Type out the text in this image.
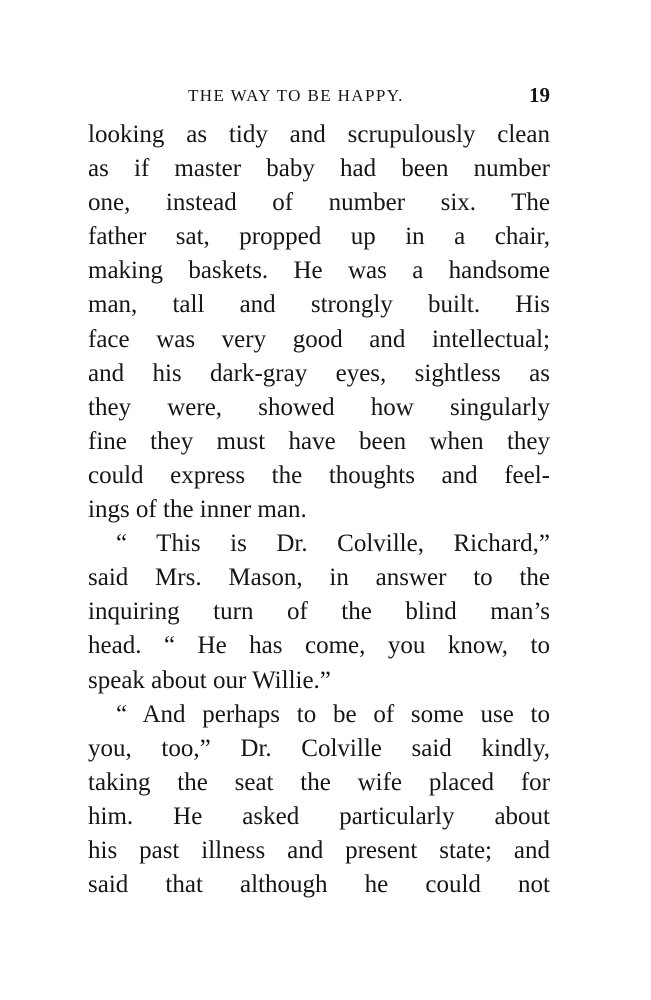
THE WAY TO BE HAPPY.	19
looking as tidy and scrupulously clean
as if master baby had been number
one, instead of number six. The
father sat, propped up in a chair,
making baskets. He was a handsome
man, tall and strongly built. His
face was very good and intellectual;
and his dark-gray eyes, sightless as
they were, showed how singularly
fine they must have been when they
could express the thoughts and feel-
ings of the inner man.
“ This is Dr. Colville, Richard,”
said Mrs. Mason, in answer to the
inquiring turn of the blind man’s
head. “ He has come, you know, to
speak about our Willie.”
“ And perhaps to be of some use to
you, too,” Dr. Colville said kindly,
taking the seat the wife placed for
him. He asked particularly about
his past illness and present state; and
said that although he could not
